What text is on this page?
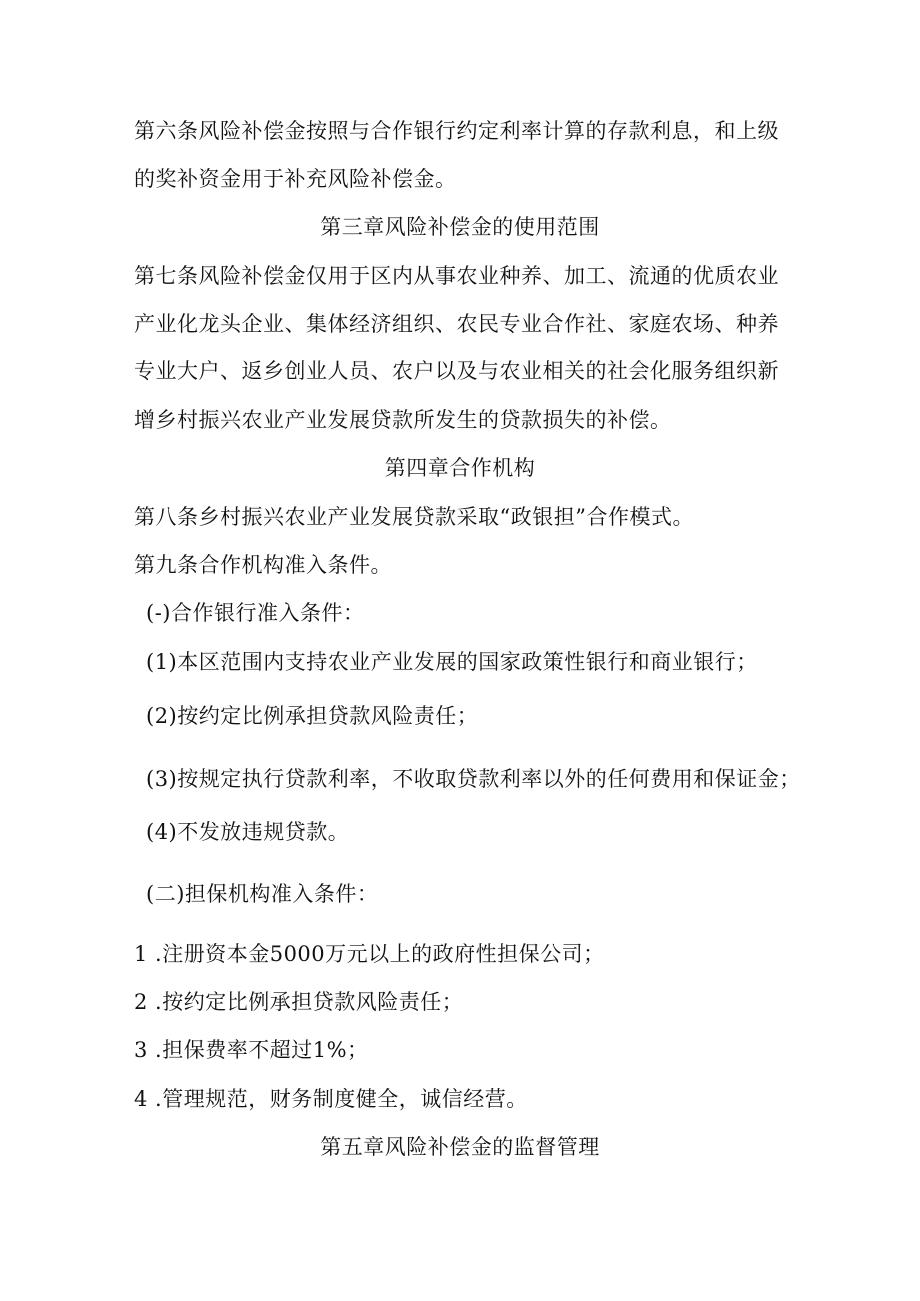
第六条风险补偿金按照与合作银行约定利率计算的存款利息，和上级
的奖补资金用于补充风险补偿金。
第三章风险补偿金的使用范围
第七条风险补偿金仅用于区内从事农业种养、加工、流通的优质农业
产业化龙头企业、集体经济组织、农民专业合作社、家庭农场、种养
专业大户、返乡创业人员、农户以及与农业相关的社会化服务组织新
增乡村振兴农业产业发展贷款所发生的贷款损失的补偿。
第四章合作机构
第八条乡村振兴农业产业发展贷款采取“政银担”合作模式。
第九条合作机构准入条件。
(-)合作银行准入条件：
(1)本区范围内支持农业产业发展的国家政策性银行和商业银行；
(2)按约定比例承担贷款风险责任；
(3)按规定执行贷款利率，不收取贷款利率以外的任何费用和保证金；
(4)不发放违规贷款。
(二)担保机构准入条件：
1 .注册资本金5000万元以上的政府性担保公司；
2 .按约定比例承担贷款风险责任；
3 .担保费率不超过1%；
4 .管理规范，财务制度健全，诚信经营。
第五章风险补偿金的监督管理
